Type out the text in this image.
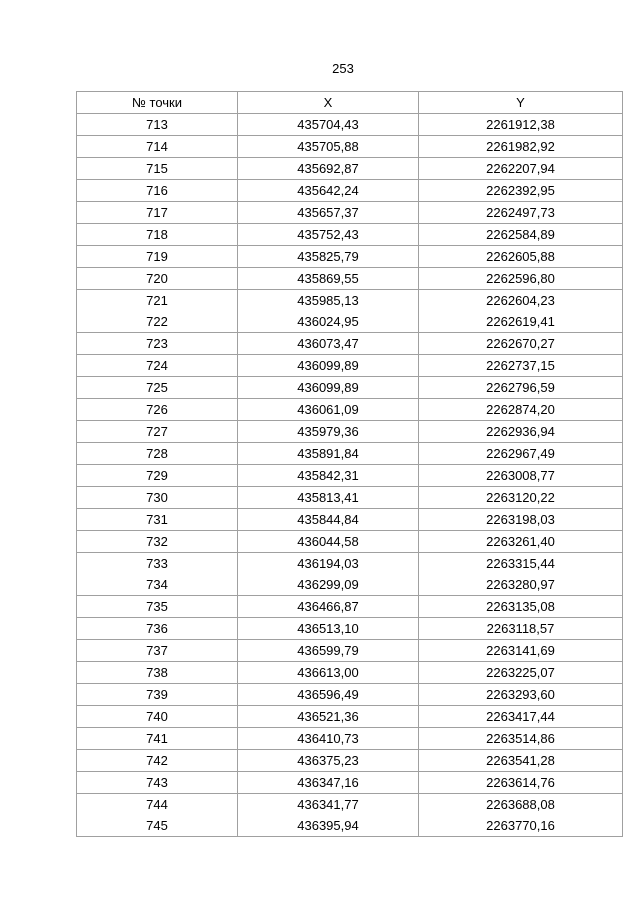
253
№ точки	X	Y
713	435704,43	2261912,38
714	435705,88	2261982,92
715	435692,87	2262207,94
716	435642,24	2262392,95
717	435657,37	2262497,73
718	435752,43	2262584,89
719	435825,79	2262605,88
720	435869,55	2262596,80
721	435985,13	2262604,23
722	436024,95	2262619,41
723	436073,47	2262670,27
724	436099,89	2262737,15
725	436099,89	2262796,59
726	436061,09	2262874,20
727	435979,36	2262936,94
728	435891,84	2262967,49
729	435842,31	2263008,77
730	435813,41	2263120,22
731	435844,84	2263198,03
732	436044,58	2263261,40
733	436194,03	2263315,44
734	436299,09	2263280,97
735	436466,87	2263135,08
736	436513,10	2263118,57
737	436599,79	2263141,69
738	436613,00	2263225,07
739	436596,49	2263293,60
740	436521,36	2263417,44
741	436410,73	2263514,86
742	436375,23	2263541,28
743	436347,16	2263614,76
744	436341,77	2263688,08
745	436395,94	2263770,16
